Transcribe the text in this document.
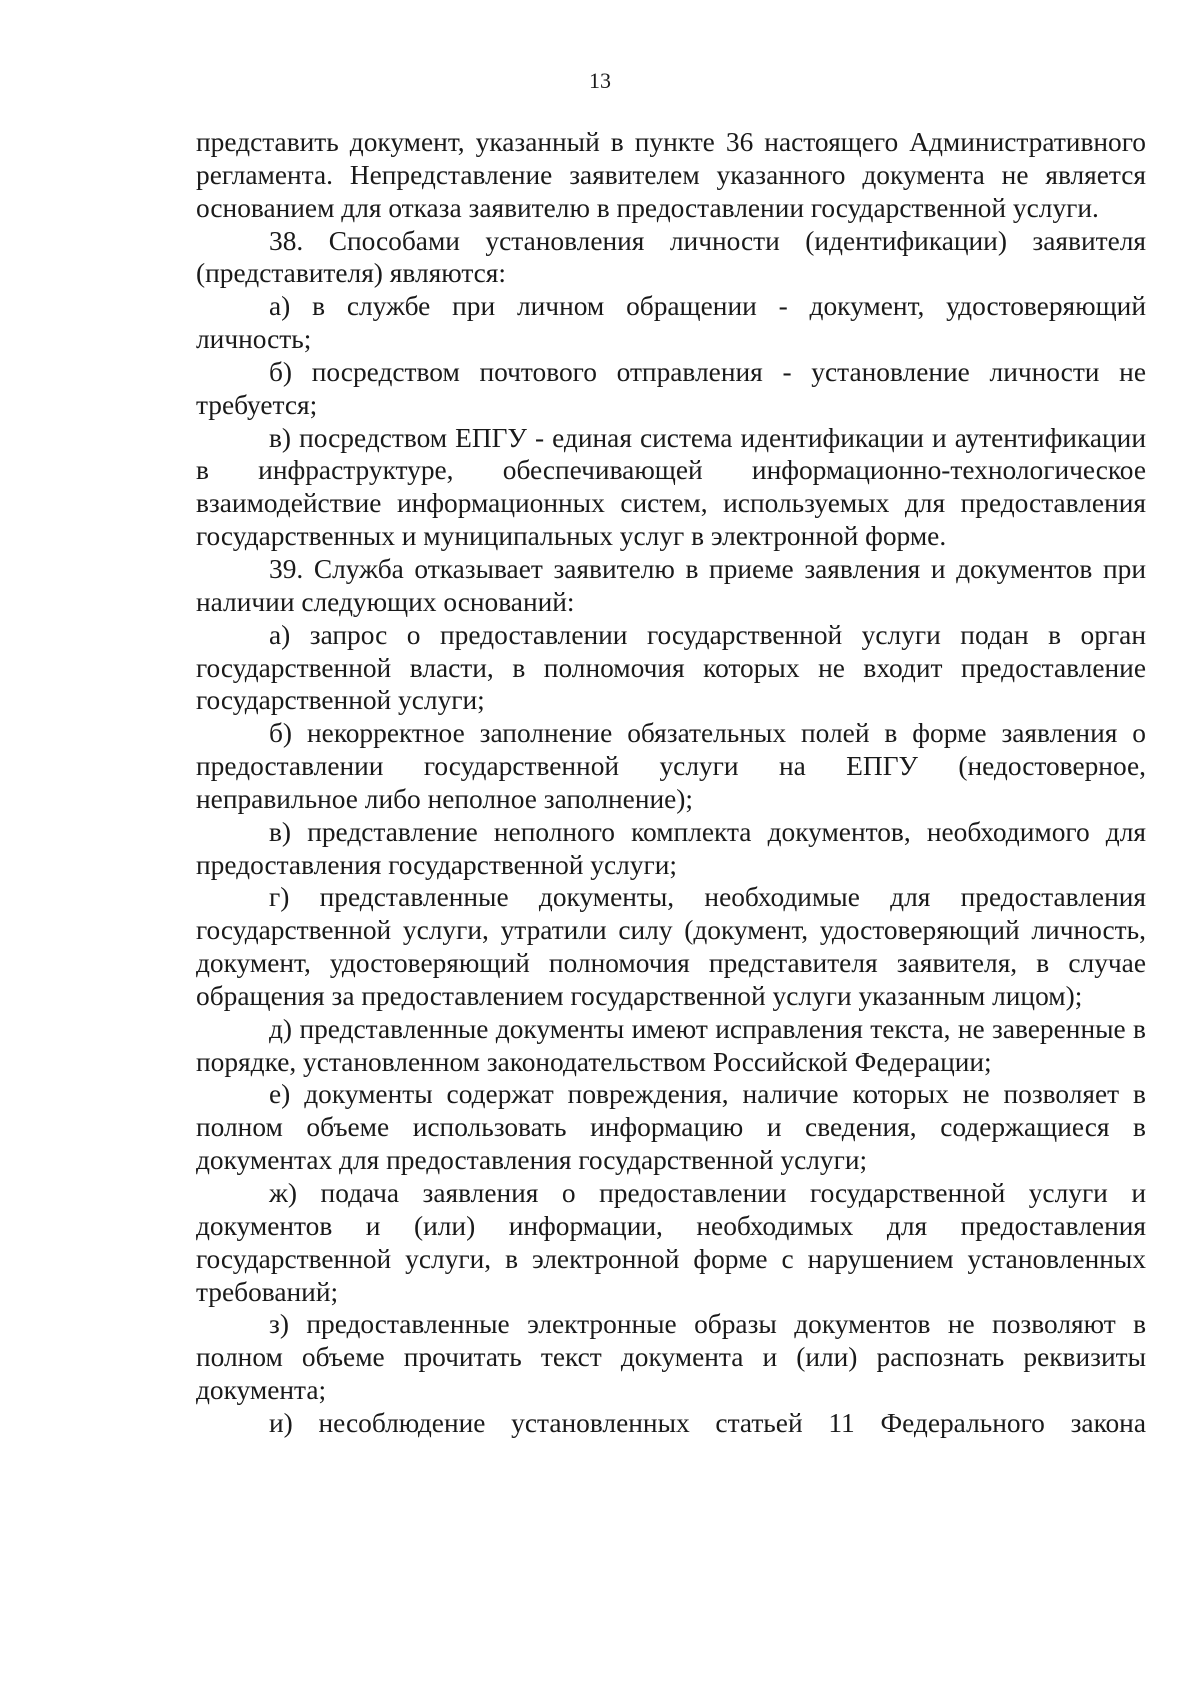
13

представить документ, указанный в пункте 36 настоящего Административного регламента. Непредставление заявителем указанного документа не является основанием для отказа заявителю в предоставлении государственной услуги.

38. Способами установления личности (идентификации) заявителя (представителя) являются:

а) в службе при личном обращении - документ, удостоверяющий личность;

б) посредством почтового отправления - установление личности не требуется;

в) посредством ЕПГУ - единая система идентификации и аутентификации в инфраструктуре, обеспечивающей информационно-технологическое взаимодействие информационных систем, используемых для предоставления государственных и муниципальных услуг в электронной форме.

39. Служба отказывает заявителю в приеме заявления и документов при наличии следующих оснований:

а) запрос о предоставлении государственной услуги подан в орган государственной власти, в полномочия которых не входит предоставление государственной услуги;

б) некорректное заполнение обязательных полей в форме заявления о предоставлении государственной услуги на ЕПГУ (недостоверное, неправильное либо неполное заполнение);

в) представление неполного комплекта документов, необходимого для предоставления государственной услуги;

г) представленные документы, необходимые для предоставления государственной услуги, утратили силу (документ, удостоверяющий личность, документ, удостоверяющий полномочия представителя заявителя, в случае обращения за предоставлением государственной услуги указанным лицом);

д) представленные документы имеют исправления текста, не заверенные в порядке, установленном законодательством Российской Федерации;

е) документы содержат повреждения, наличие которых не позволяет в полном объеме использовать информацию и сведения, содержащиеся в документах для предоставления государственной услуги;

ж) подача заявления о предоставлении государственной услуги и документов и (или) информации, необходимых для предоставления государственной услуги, в электронной форме с нарушением установленных требований;

з) предоставленные электронные образы документов не позволяют в полном объеме прочитать текст документа и (или) распознать реквизиты документа;

и) несоблюдение установленных статьей 11 Федерального закона
